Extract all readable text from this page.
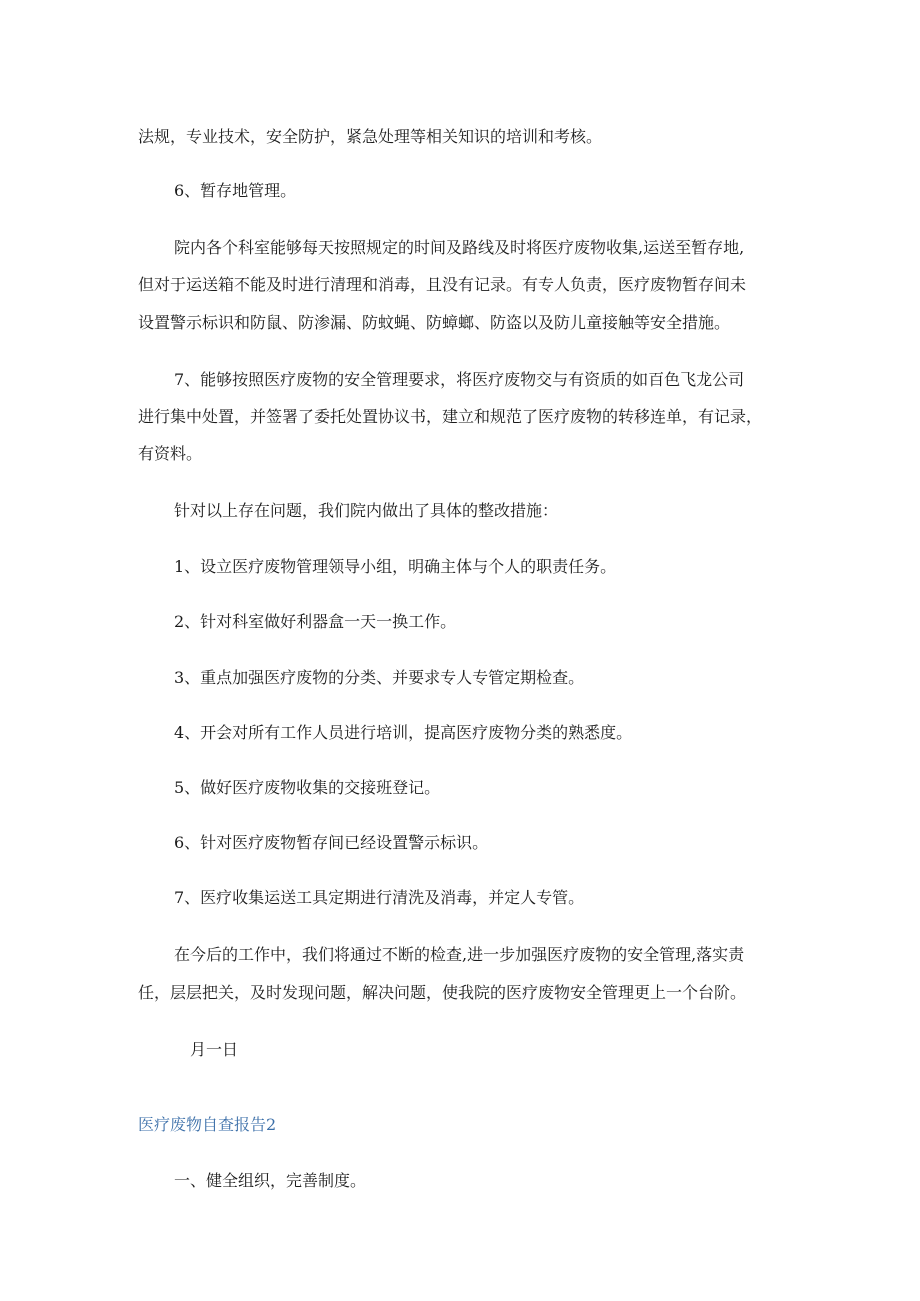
法规，专业技术，安全防护，紧急处理等相关知识的培训和考核。

6、暂存地管理。

院内各个科室能够每天按照规定的时间及路线及时将医疗废物收集,运送至暂存地,

但对于运送箱不能及时进行清理和消毒，且没有记录。有专人负责，医疗废物暂存间未

设置警示标识和防鼠、防渗漏、防蚊蝇、防蟑螂、防盗以及防儿童接触等安全措施。

7、能够按照医疗废物的安全管理要求，将医疗废物交与有资质的如百色飞龙公司

进行集中处置，并签署了委托处置协议书，建立和规范了医疗废物的转移连单，有记录，

有资料。

针对以上存在问题，我们院内做出了具体的整改措施：

1、设立医疗废物管理领导小组，明确主体与个人的职责任务。

2、针对科室做好利器盒一天一换工作。

3、重点加强医疗废物的分类、并要求专人专管定期检查。

4、开会对所有工作人员进行培训，提高医疗废物分类的熟悉度。

5、做好医疗废物收集的交接班登记。

6、针对医疗废物暂存间已经设置警示标识。

7、医疗收集运送工具定期进行清洗及消毒，并定人专管。

在今后的工作中，我们将通过不断的检查,进一步加强医疗废物的安全管理,落实责

任，层层把关，及时发现问题，解决问题，使我院的医疗废物安全管理更上一个台阶。

月一日

医疗废物自查报告2

一、健全组织，完善制度。
